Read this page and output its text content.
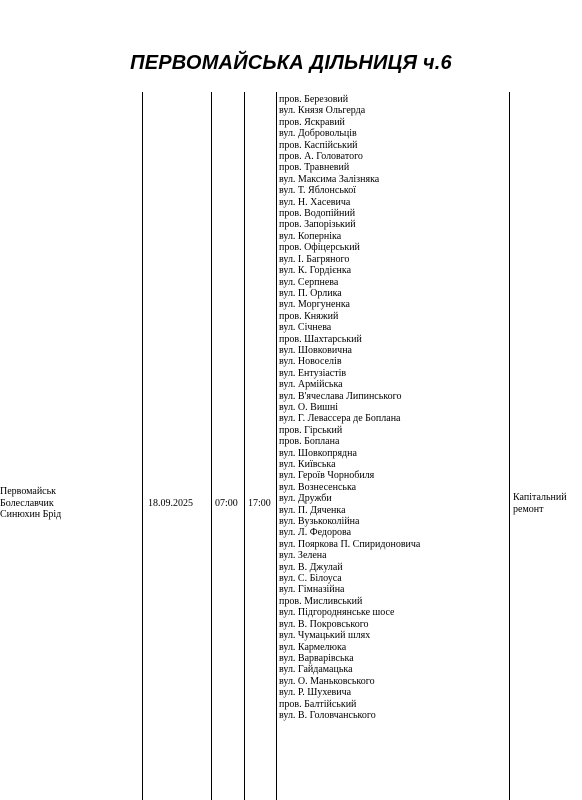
ПЕРВОМАЙСЬКА ДІЛЬНИЦЯ ч.6
Первомайськ
Болеславчик
Синюхин Брід
18.09.2025 07:00 17:00
Капітальний ремонт
пров. Березовий
вул. Князя Ольгерда
пров. Яскравий
вул. Добровольців
пров. Каспійський
пров. А. Головатого
пров. Травневий
вул. Максима Залізняка
вул. Т. Яблонської
вул. Н. Хасевича
пров. Водопійний
пров. Запорізький
вул. Коперніка
пров. Офіцерський
вул. І. Багряного
вул. К. Гордієнка
вул. Серпнева
вул. П. Орлика
вул. Моргуненка
пров. Княжий
вул. Січнева
пров. Шахтарський
вул. Шовковична
вул. Новоселів
вул. Ентузіастів
вул. Армійська
вул. В'ячеслава Липинського
вул. О. Вишні
вул. Г. Левассера де Боплана
пров. Гірський
пров. Боплана
вул. Шовкопрядна
вул. Київська
вул. Героїв Чорнобиля
вул. Вознесенська
вул. Дружби
вул. П. Дяченка
вул. Вузькоколійна
вул. Л. Федорова
вул. Пояркова П. Спиридоновича
вул. Зелена
вул. В. Джулай
вул. С. Білоуса
вул. Гімназійна
пров. Мисливський
вул. Підгороднянське шосе
вул. В. Покровського
вул. Чумацький шлях
вул. Кармелюка
вул. Варварівська
вул. Гайдамацька
вул. О. Маньковського
вул. Р. Шухевича
пров. Балтійський
вул. В. Головчанського
